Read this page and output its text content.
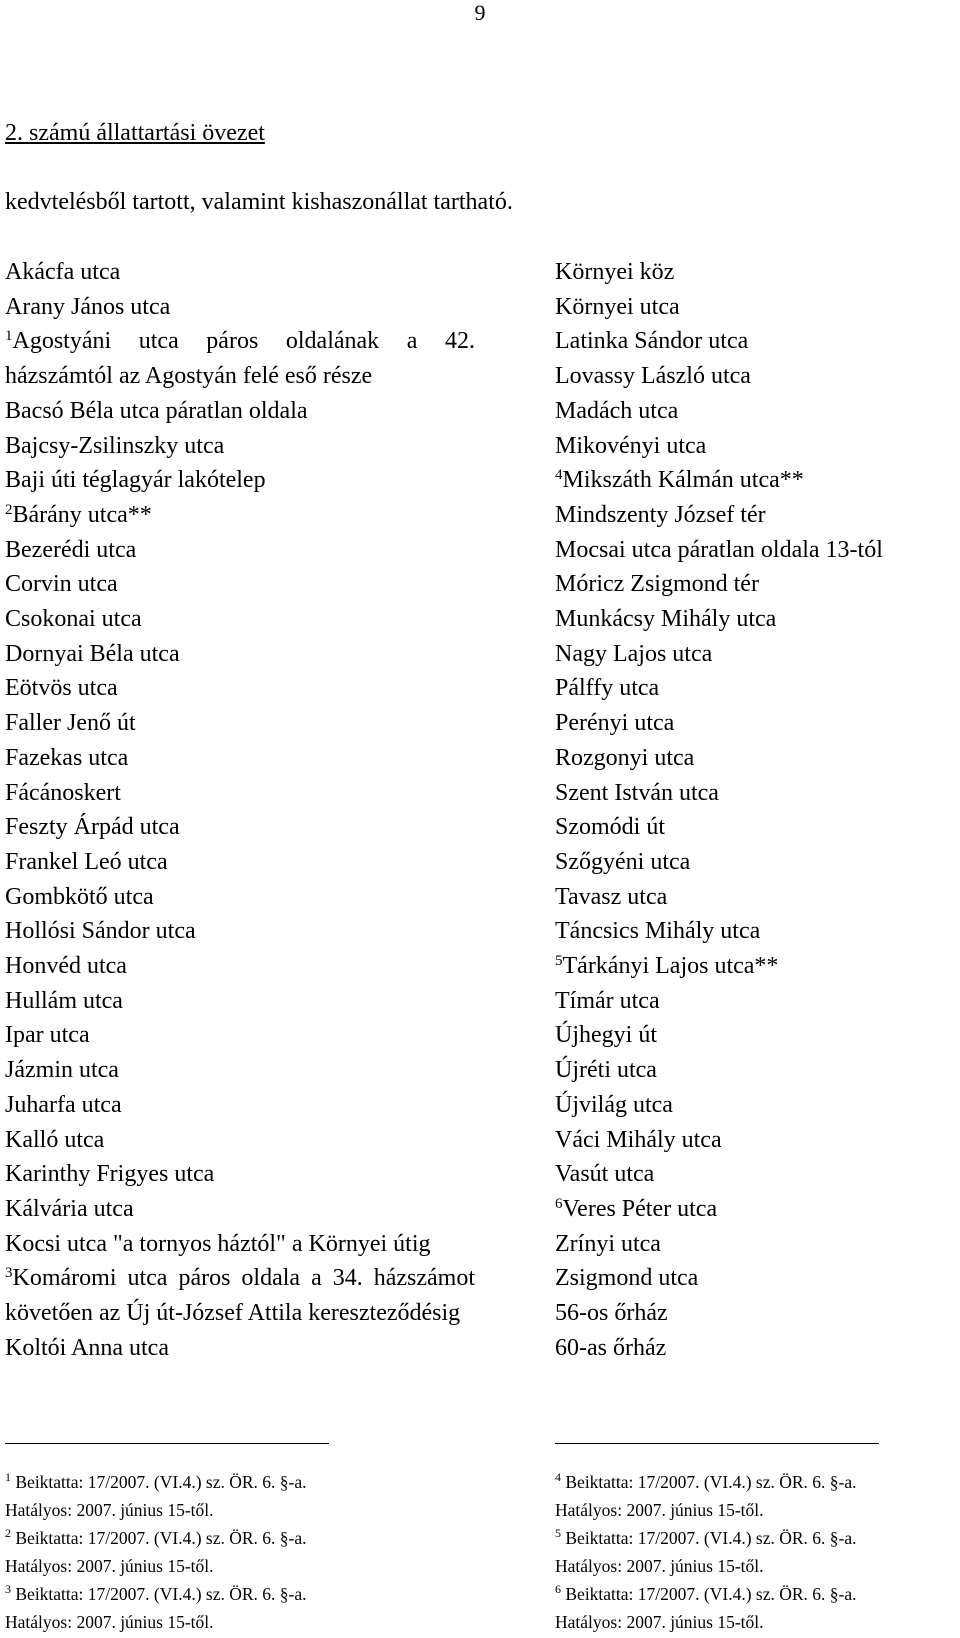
9
2. számú állattartási övezet
kedvtelésből tartott, valamint kishaszonállat tartható.
Akácfa utca
Arany János utca
$^1$Agostyáni utca páros oldalának a 42. házszámtól az Agostyán felé eső része
Bacsó Béla utca páratlan oldala
Bajcsy-Zsilinszky utca
Baji úti téglagyár lakótelep
$^2$Bárány utca**
Bezerédi utca
Corvin utca
Csokonai utca
Dornyai Béla utca
Eötvös utca
Faller Jenő út
Fazekas utca
Fácánoskert
Feszty Árpád utca
Frankel Leó utca
Gombkötő utca
Hollósi Sándor utca
Honvéd utca
Hullám utca
Ipar utca
Jázmin utca
Juharfa utca
Kalló utca
Karinthy Frigyes utca
Kálvária utca
Kocsi utca "a tornyos háztól" a Környei útig
$^3$Komáromi utca páros oldala a 34. házszámot követően az Új út-József Attila kereszteződésig
Koltói Anna utca
Környei köz
Környei utca
Latinka Sándor utca
Lovassy László utca
Madách utca
Mikovényi utca
$^4$Mikszáth Kálmán utca**
Mindszenty József tér
Mocsai utca páratlan oldala 13-tól
Móricz Zsigmond tér
Munkácsy Mihály utca
Nagy Lajos utca
Pálffy utca
Perényi utca
Rozgonyi utca
Szent István utca
Szomódi út
Szőgyéni utca
Tavasz utca
Táncsics Mihály utca
$^5$Tárkányi Lajos utca**
Tímár utca
Újhegyi út
Újréti utca
Újvilág utca
Váci Mihály utca
Vasút utca
$^6$Veres Péter utca
Zrínyi utca
Zsigmond utca
56-os őrház
60-as őrház
$^1$ Beiktatta: 17/2007. (VI.4.) sz. ÖR. 6. §-a.
Hatályos: 2007. június 15-től.
$^2$ Beiktatta: 17/2007. (VI.4.) sz. ÖR. 6. §-a.
Hatályos: 2007. június 15-től.
$^3$ Beiktatta: 17/2007. (VI.4.) sz. ÖR. 6. §-a.
Hatályos: 2007. június 15-től.
$^4$ Beiktatta: 17/2007. (VI.4.) sz. ÖR. 6. §-a.
Hatályos: 2007. június 15-től.
$^5$ Beiktatta: 17/2007. (VI.4.) sz. ÖR. 6. §-a.
Hatályos: 2007. június 15-től.
$^6$ Beiktatta: 17/2007. (VI.4.) sz. ÖR. 6. §-a.
Hatályos: 2007. június 15-től.
